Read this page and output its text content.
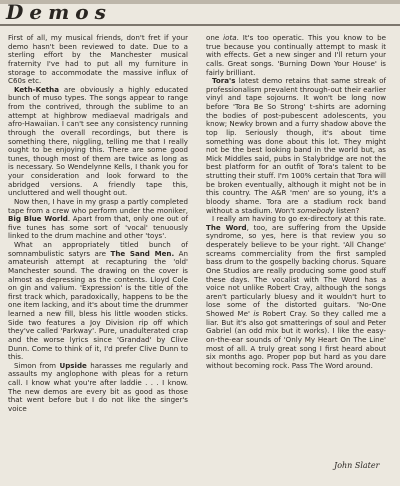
Demos

First of all, my musical friends, don't fret if your demo hasn't been reviewed to date. Due to a sterling effort by the Manchester musical fraternity I've had to put all my furniture in storage to accommodate the massive influx of C60s etc.

Keth-Ketha are obviously a highly educated bunch of muso types. The songs appear to range from the contrived, through the sublime to an attempt at highbrow mediaeval madrigals and afro-Hawaiian. I can't see any consistency running through the overall recordings, but there is something there, niggling, telling me that I really ought to be enjoying this. There are some good tunes, though most of them are twice as long as is necessary. So Wendelynne Kells, I thank you for your consideration and look forward to the abridged versions. A friendly tape this, uncluttered and well thought out.

Now then, I have in my grasp a partly completed tape from a crew who perform under the moniker, Big Blue World. Apart from that, only one out of five tunes has some sort of 'vocal' tenuously linked to the drum machine and other 'toys'.

What an appropriately titled bunch of somnambulistic satyrs are The Sand Men. An amateurish attempt at recapturing the 'old' Manchester sound. The drawing on the cover is almost as depressing as the contents. Lloyd Cole on gin and valium. 'Expression' is the title of the first track which, paradoxically, happens to be the one item lacking, and it's about time the drummer learned a new fill, bless his little wooden sticks. Side two features a Joy Division rip off which they've called 'Parkway'. Pure, unadulterated crap and the worse lyrics since 'Grandad' by Clive Dunn. Come to think of it, I'd prefer Clive Dunn to this.

Simon from Upside harasses me regularly and assaults my anglophone with pleas for a return call. I know what you're after laddie . . . I know. The new demos are every bit as good as those that went before but I do not like the singer's voice

one iota. It's too operatic. This you know to be true because you continually attempt to mask it with effects. Get a new singer and I'll return your calls. Great songs. 'Burning Down Your House' is fairly brilliant.

Tora's latest demo retains that same streak of professionalism prevalent through-out their earlier vinyl and tape sojourns. It won't be long now before 'Tora Be So Strong' t-shirts are adorning the bodies of post-pubescent adolescents, you know; Newky brown and a furry shadow above the top lip. Seriously though, it's about time something was done about this lot. They might not be the best looking band in the world but, as Mick Middles said, pubs in Stalybridge are not the best platform for an outfit of Tora's talent to be strutting their stuff. I'm 100% certain that Tora will be broken eventually, although it might not be in this country. The A&R 'men' are so young, it's a bloody shame. Tora are a stadium rock band without a stadium. Won't somebody listen?

I really am having to go ex-directory at this rate. The Word, too, are suffering from the Upside syndrome, so yes, here is that review you so desperately believe to be your right. 'All Change' screams commerciality from the first sampled bass drum to the gospelly backing chorus. Square One Studios are really producing some good stuff these days. The vocalist with The Word has a voice not unlike Robert Cray, although the songs aren't particularly bluesy and it wouldn't hurt to lose some of the distorted guitars. 'No-One Showed Me' is Robert Cray. So they called me a liar. But it's also got smatterings of soul and Peter Gabriel (an odd mix but it works). I like the easy-on-the-ear sounds of 'Only My Heart On The Line' most of all. A truly great song I first heard about six months ago. Proper pop but hard as you dare without becoming rock. Pass The Word around.

John Slater
